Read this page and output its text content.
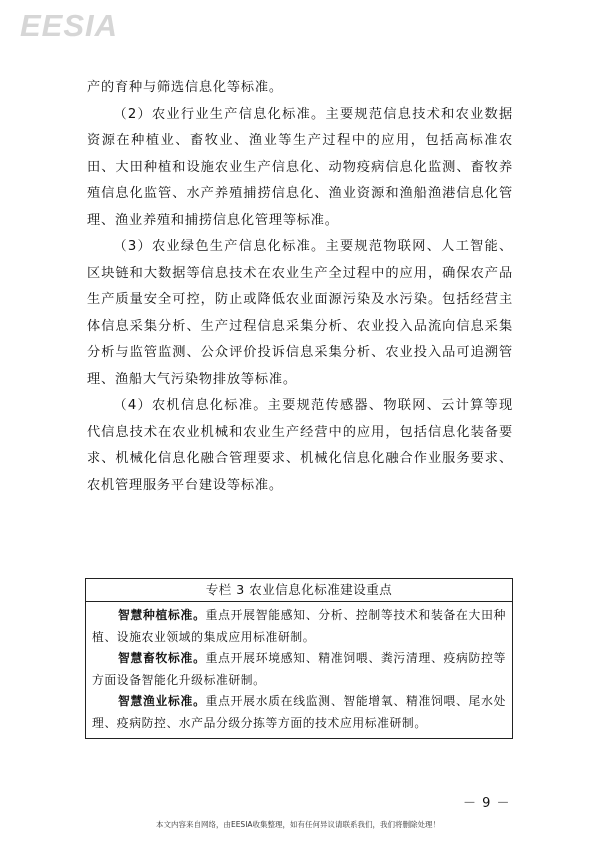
EESIA

产的育种与筛选信息化等标准。

（2）农业行业生产信息化标准。主要规范信息技术和农业数据资源在种植业、畜牧业、渔业等生产过程中的应用，包括高标准农田、大田种植和设施农业生产信息化、动物疫病信息化监测、畜牧养殖信息化监管、水产养殖捕捞信息化、渔业资源和渔船渔港信息化管理、渔业养殖和捕捞信息化管理等标准。

（3）农业绿色生产信息化标准。主要规范物联网、人工智能、区块链和大数据等信息技术在农业生产全过程中的应用，确保农产品生产质量安全可控，防止或降低农业面源污染及水污染。包括经营主体信息采集分析、生产过程信息采集分析、农业投入品流向信息采集分析与监管监测、公众评价投诉信息采集分析、农业投入品可追溯管理、渔船大气污染物排放等标准。

（4）农机信息化标准。主要规范传感器、物联网、云计算等现代信息技术在农业机械和农业生产经营中的应用，包括信息化装备要求、机械化信息化融合管理要求、机械化信息化融合作业服务要求、农机管理服务平台建设等标准。

专栏 3 农业信息化标准建设重点

智慧种植标准。重点开展智能感知、分析、控制等技术和装备在大田种植、设施农业领域的集成应用标准研制。

智慧畜牧标准。重点开展环境感知、精准饲喂、粪污清理、疫病防控等方面设备智能化升级标准研制。

智慧渔业标准。重点开展水质在线监测、智能增氧、精准饲喂、尾水处理、疫病防控、水产品分级分拣等方面的技术应用标准研制。

－ 9 －
本文内容来自网络，由EESIA收集整理，如有任何异议请联系我们，我们将删除处理！
